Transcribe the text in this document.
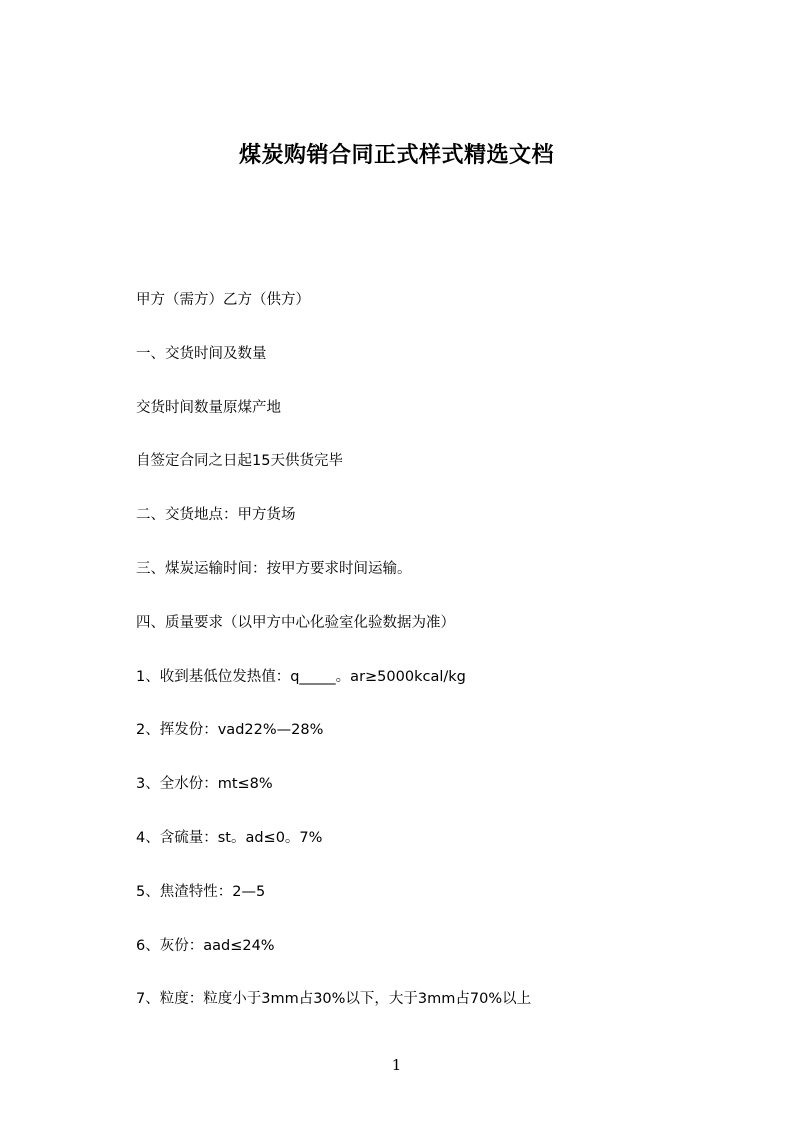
煤炭购销合同正式样式精选文档
甲方（需方）乙方（供方）
一、交货时间及数量
交货时间数量原煤产地
自签定合同之日起15天供货完毕
二、交货地点：甲方货场
三、煤炭运输时间：按甲方要求时间运输。
四、质量要求（以甲方中心化验室化验数据为准）
1、收到基低位发热值：q_____。ar≥5000kcal/kg
2、挥发份：vad22%—28%
3、全水份：mt≤8%
4、含硫量：st。ad≤0。7%
5、焦渣特性：2—5
6、灰份：aad≤24%
7、粒度：粒度小于3mm占30%以下，大于3mm占70%以上
1
